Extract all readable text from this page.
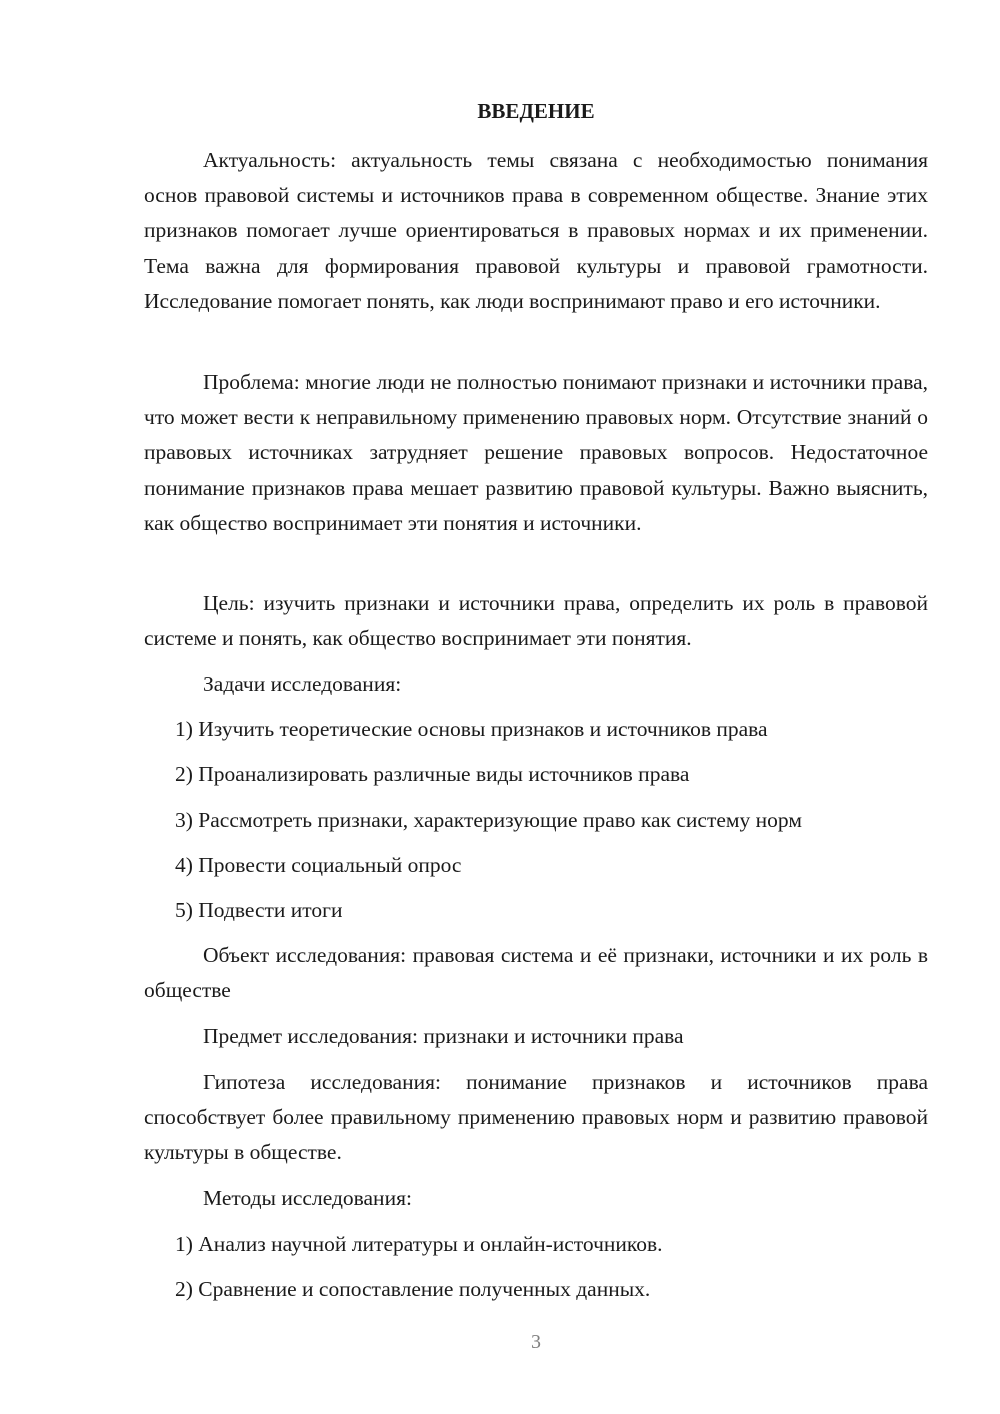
ВВЕДЕНИЕ

Актуальность: актуальность темы связана с необходимостью понимания основ правовой системы и источников права в современном обществе. Знание этих признаков помогает лучше ориентироваться в правовых нормах и их применении. Тема важна для формирования правовой культуры и правовой грамотности. Исследование помогает понять, как люди воспринимают право и его источники.

Проблема: многие люди не полностью понимают признаки и источники права, что может вести к неправильному применению правовых норм. Отсутствие знаний о правовых источниках затрудняет решение правовых вопросов. Недостаточное понимание признаков права мешает развитию правовой культуры. Важно выяснить, как общество воспринимает эти понятия и источники.

Цель: изучить признаки и источники права, определить их роль в правовой системе и понять, как общество воспринимает эти понятия.

Задачи исследования:

1) Изучить теоретические основы признаков и источников права

2) Проанализировать различные виды источников права

3) Рассмотреть признаки, характеризующие право как систему норм

4) Провести социальный опрос

5) Подвести итоги

Объект исследования: правовая система и её признаки, источники и их роль в обществе

Предмет исследования: признаки и источники права

Гипотеза исследования: понимание признаков и источников права способствует более правильному применению правовых норм и развитию правовой культуры в обществе.

Методы исследования:

1) Анализ научной литературы и онлайн-источников.

2) Сравнение и сопоставление полученных данных.

3
